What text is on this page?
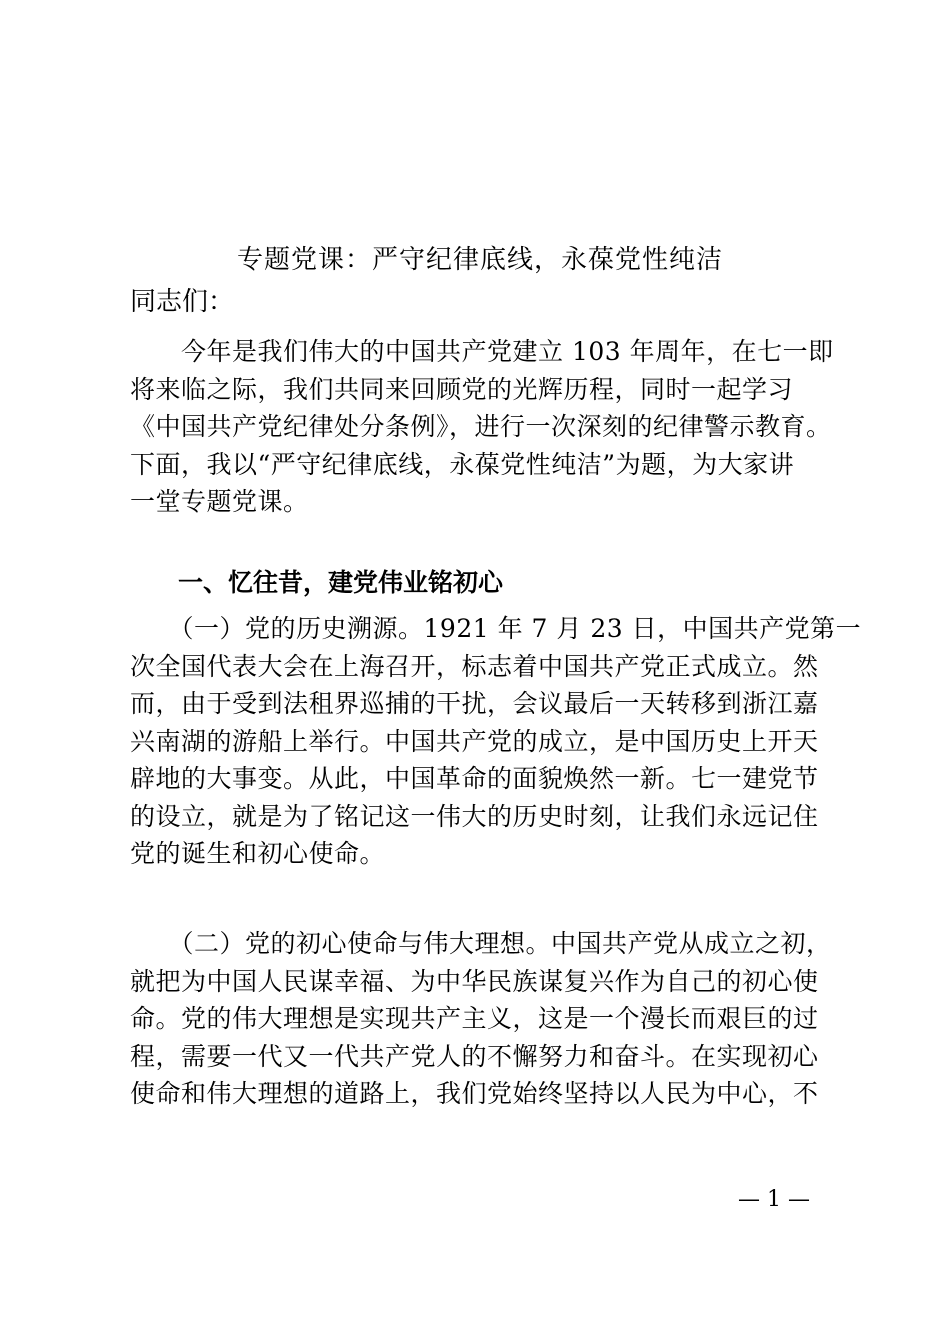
专题党课：严守纪律底线，永葆党性纯洁
同志们：
　　今年是我们伟大的中国共产党建立 103 年周年，在七一即
将来临之际，我们共同来回顾党的光辉历程，同时一起学习
《中国共产党纪律处分条例》，进行一次深刻的纪律警示教育。
下面，我以“严守纪律底线，永葆党性纯洁”为题，为大家讲
一堂专题党课。
一、忆往昔，建党伟业铭初心
　　（一）党的历史溯源。1921 年 7 月 23 日，中国共产党第一
次全国代表大会在上海召开，标志着中国共产党正式成立。然
而，由于受到法租界巡捕的干扰，会议最后一天转移到浙江嘉
兴南湖的游船上举行。中国共产党的成立，是中国历史上开天
辟地的大事变。从此，中国革命的面貌焕然一新。七一建党节
的设立，就是为了铭记这一伟大的历史时刻，让我们永远记住
党的诞生和初心使命。
　　（二）党的初心使命与伟大理想。中国共产党从成立之初，
就把为中国人民谋幸福、为中华民族谋复兴作为自己的初心使
命。党的伟大理想是实现共产主义，这是一个漫长而艰巨的过
程，需要一代又一代共产党人的不懈努力和奋斗。在实现初心
使命和伟大理想的道路上，我们党始终坚持以人民为中心，不
— 1 —
